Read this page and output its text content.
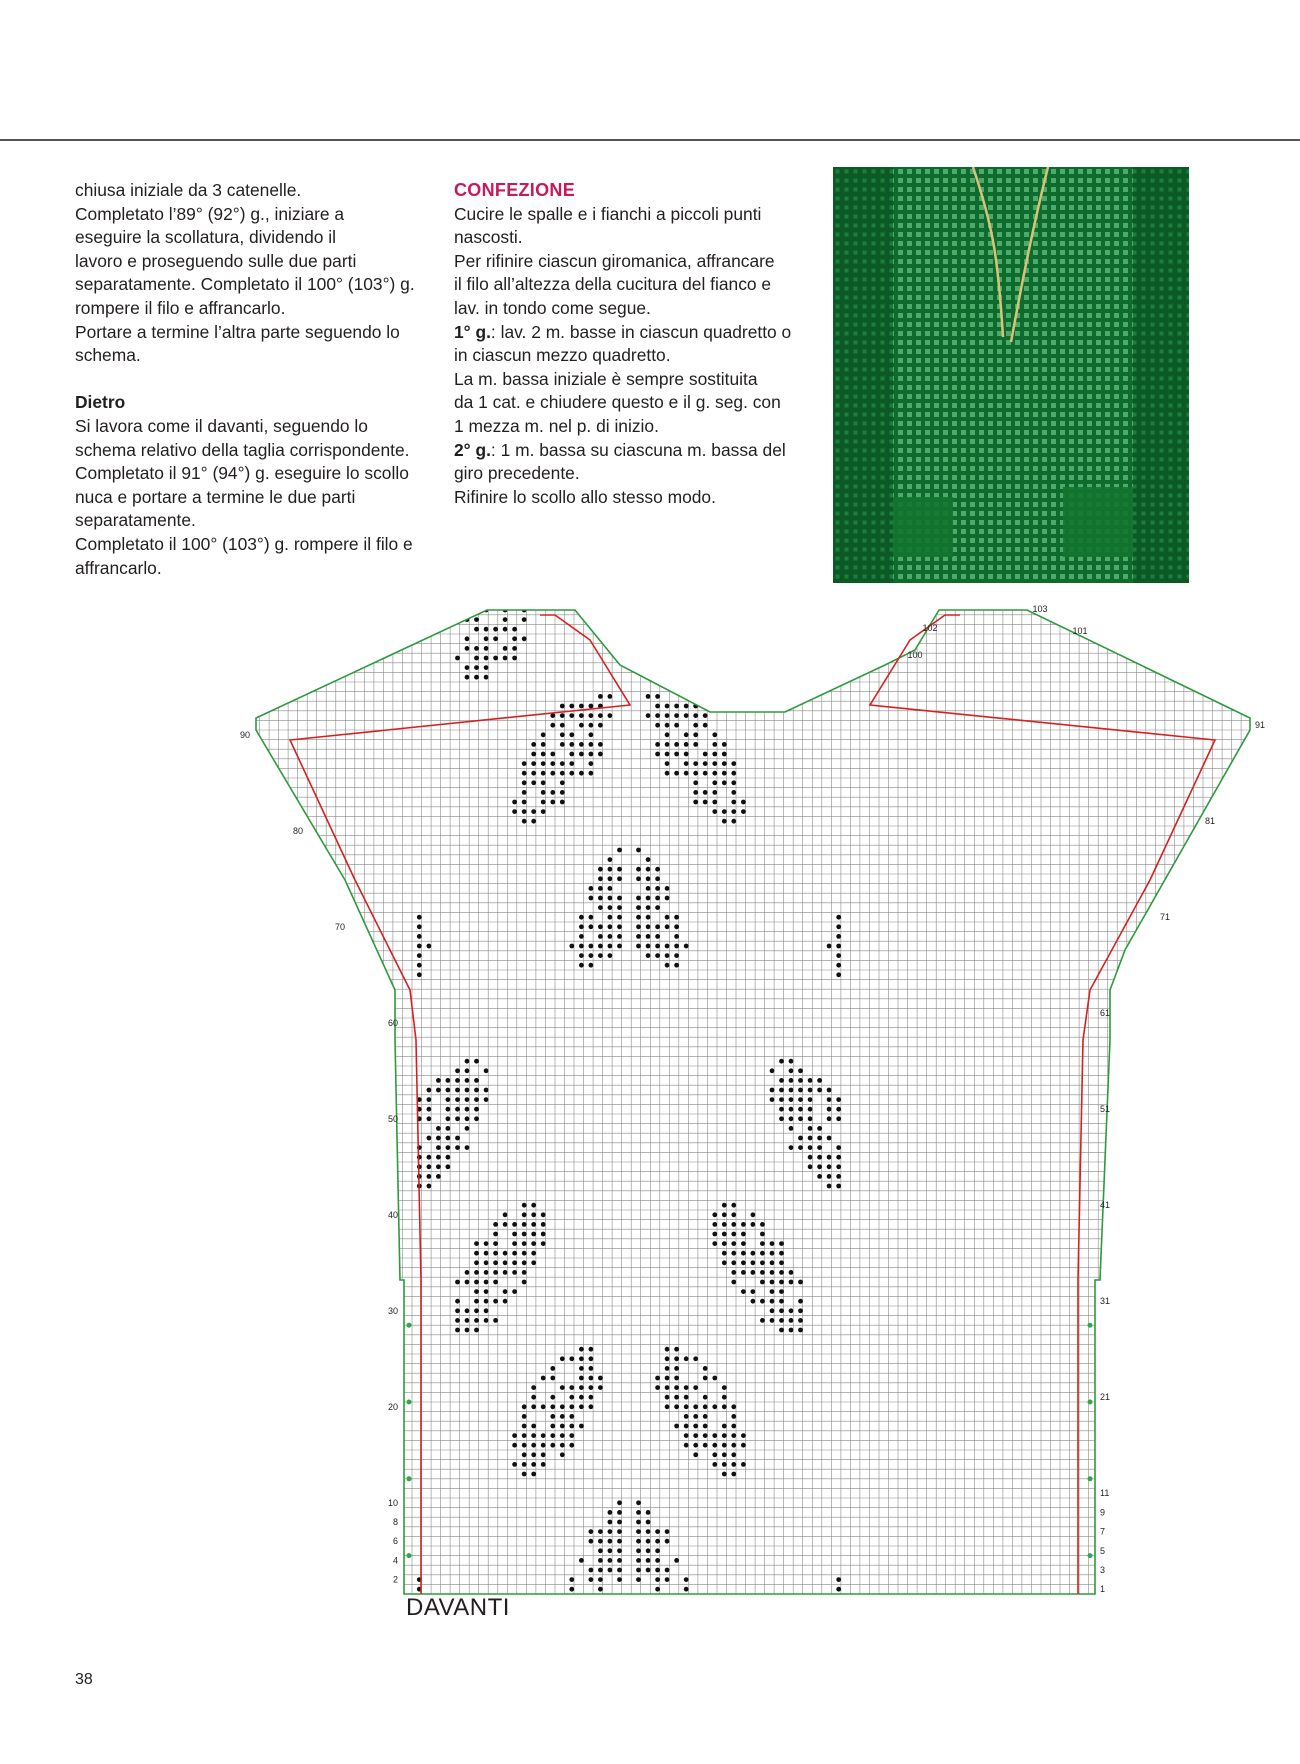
chiusa iniziale da 3 catenelle.

Completato l’89° (92°) g., iniziare a

eseguire la scollatura, dividendo il

lavoro e proseguendo sulle due parti

separatamente. Completato il 100° (103°) g.

rompere il filo e affrancarlo.

Portare a termine l’altra parte seguendo lo

schema.

Dietro

Si lavora come il davanti, seguendo lo

schema relativo della taglia corrispondente.

Completato il 91° (94°) g. eseguire lo scollo

nuca e portare a termine le due parti

separatamente.

Completato il 100° (103°) g. rompere il filo e

affrancarlo.

CONFEZIONE

Cucire le spalle e i fianchi a piccoli punti

nascosti.

Per rifinire ciascun giromanica, affrancare

il filo all’altezza della cucitura del fianco e

lav. in tondo come segue.

1° g.: lav. 2 m. basse in ciascun quadretto o

in ciascun mezzo quadretto.

La m. bassa iniziale è sempre sostituita

da 1 cat. e chiudere questo e il g. seg. con

1 mezza m. nel p. di inizio.

2° g.: 1 m. bassa su ciascuna m. bassa del

giro precedente.

Rifinire lo scollo allo stesso modo.

2
4
6
8
10
20
30
40
50
60
70
80
90
1
3
5
7
9
11
21
31
41
51
61
71
81
91
100
102
103
101
DAVANTI
38
